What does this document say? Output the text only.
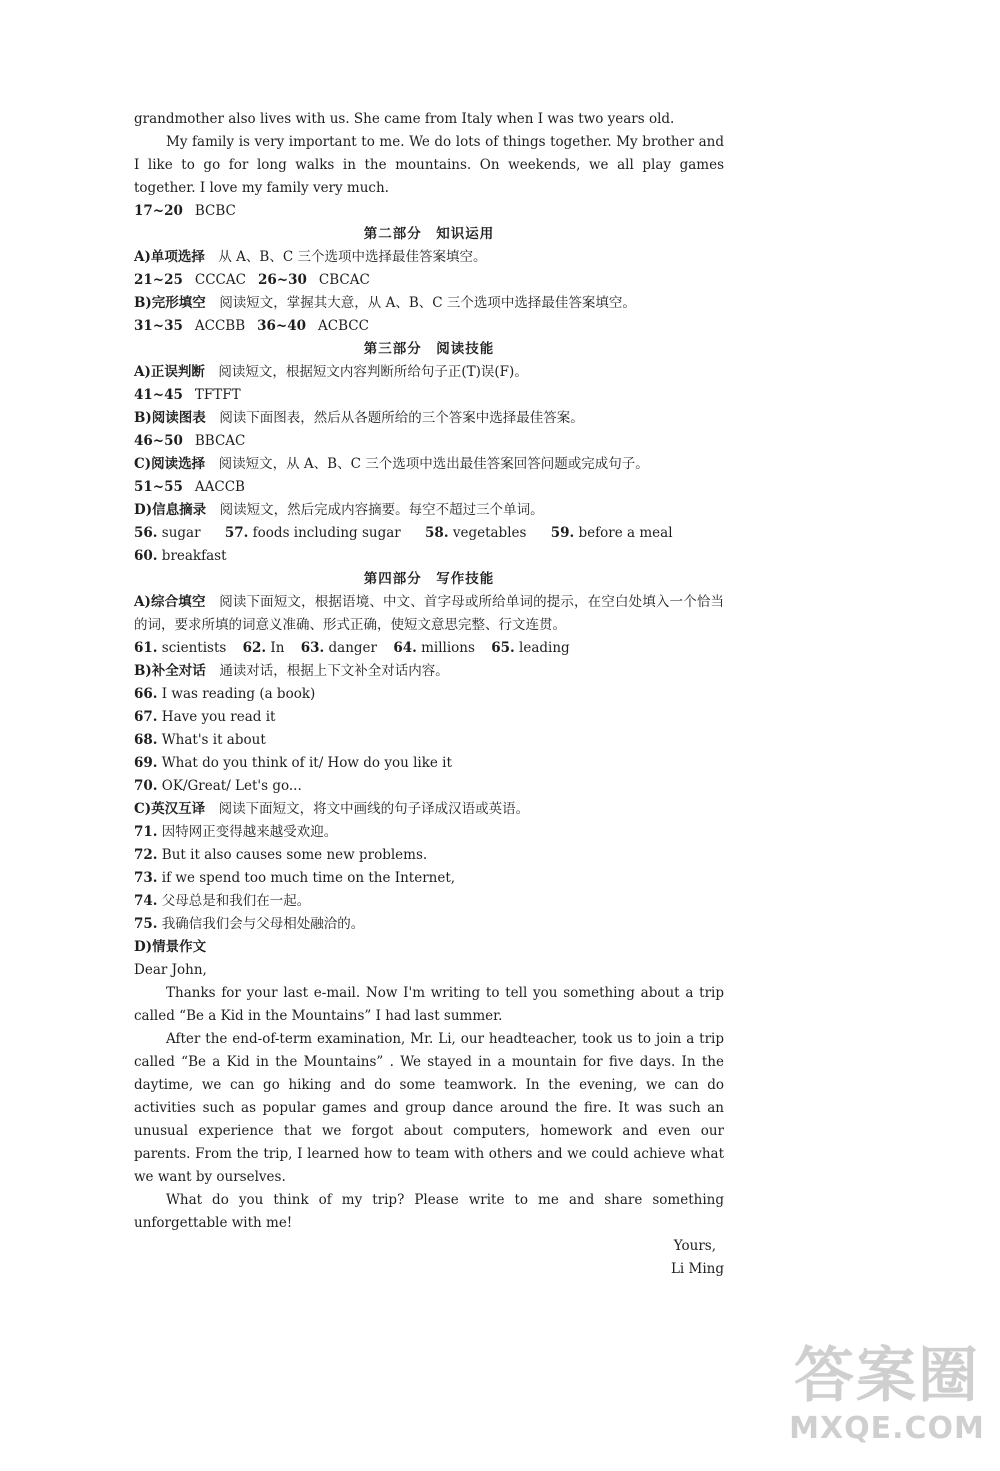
grandmother also lives with us. She came from Italy when I was two years old.

My family is very important to me. We do lots of things together. My brother and I like to go for long walks in the mountains. On weekends, we all play games together. I love my family very much.

17~20 BCBC

第二部分　知识运用

A)单项选择　 从 A、B、C 三个选项中选择最佳答案填空。

21~25 CCCAC 26~30 CBCAC

B)完形填空　 阅读短文，掌握其大意，从 A、B、C 三个选项中选择最佳答案填空。

31~35 ACCBB 36~40 ACBCC

第三部分　阅读技能

A)正误判断　 阅读短文，根据短文内容判断所给句子正(T)误(F)。

41~45 TFTFT

B)阅读图表　 阅读下面图表，然后从各题所给的三个答案中选择最佳答案。

46~50 BBCAC

C)阅读选择　 阅读短文，从 A、B、C 三个选项中选出最佳答案回答问题或完成句子。

51~55 AACCB

D)信息摘录　 阅读短文，然后完成内容摘要。每空不超过三个单词。

56. sugar 57. foods including sugar 58. vegetables 59. before a meal

60. breakfast

第四部分　写作技能

A)综合填空　 阅读下面短文，根据语境、中文、首字母或所给单词的提示，在空白处填入一个恰当的词，要求所填的词意义准确、形式正确，使短文意思完整、行文连贯。

61. scientists 62. In 63. danger 64. millions 65. leading

B)补全对话　 通读对话，根据上下文补全对话内容。

66. I was reading (a book)

67. Have you read it

68. What's it about

69. What do you think of it/ How do you like it

70. OK/Great/ Let's go...

C)英汉互译　 阅读下面短文，将文中画线的句子译成汉语或英语。

71. 因特网正变得越来越受欢迎。

72. But it also causes some new problems.

73. if we spend too much time on the Internet,

74. 父母总是和我们在一起。

75. 我确信我们会与父母相处融洽的。

D)情景作文

Dear John,

Thanks for your last e-mail. Now I'm writing to tell you something about a trip called “Be a Kid in the Mountains” I had last summer.

After the end-of-term examination, Mr. Li, our headteacher, took us to join a trip called “Be a Kid in the Mountains” . We stayed in a mountain for five days. In the daytime, we can go hiking and do some teamwork. In the evening, we can do activities such as popular games and group dance around the fire. It was such an unusual experience that we forgot about computers, homework and even our parents. From the trip, I learned how to team with others and we could achieve what we want by ourselves.

What do you think of my trip? Please write to me and share something unforgettable with me!

Yours,

Li Ming

答案圈
MXQE.COM
